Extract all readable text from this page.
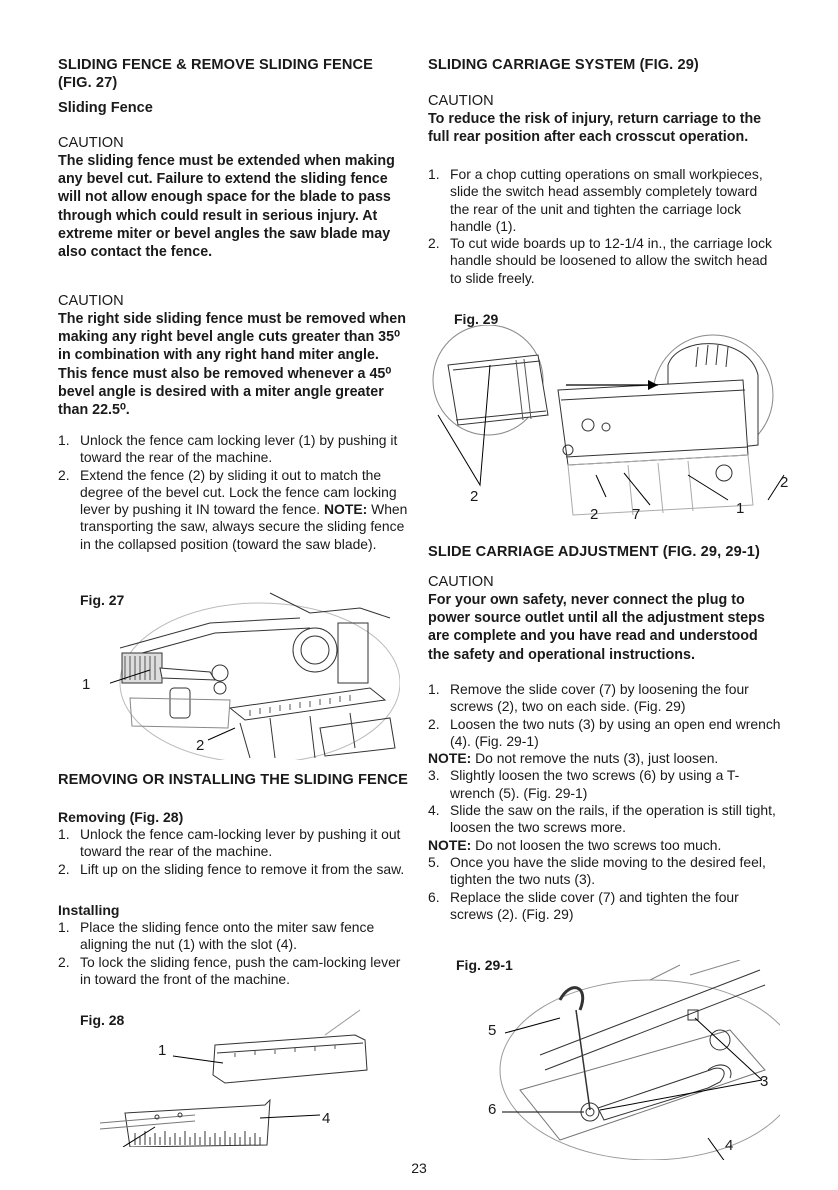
SLIDING FENCE & REMOVE SLIDING FENCE (FIG. 27)
Sliding Fence
CAUTION
The sliding fence must be extended when making any bevel cut. Failure to extend the sliding fence will not allow enough space for the blade to pass through which could result in serious injury. At extreme miter or bevel angles the saw blade may also contact the fence.
CAUTION
The right side sliding fence must be removed when making any right bevel angle cuts greater than 35⁰ in combination with any right hand miter angle. This fence must also be removed whenever a 45⁰ bevel angle is desired with a miter angle greater than 22.5⁰.
1. Unlock the fence cam locking lever (1) by pushing it toward the rear of the machine.
2. Extend the fence (2) by sliding it out to match the degree of the bevel cut. Lock the fence cam locking lever by pushing it IN toward the fence. NOTE: When transporting the saw, always secure the sliding fence in the collapsed position (toward the saw blade).
Fig. 27
REMOVING OR INSTALLING THE SLIDING FENCE
Removing (Fig. 28)
1. Unlock the fence cam-locking lever by pushing it out toward the rear of the machine.
2. Lift up on the sliding fence to remove it from the saw.
Installing
1. Place the sliding fence onto the miter saw fence aligning the nut (1) with the slot (4).
2. To lock the sliding fence, push the cam-locking lever in toward the front of the machine.
Fig. 28
1
2
1
4
SLIDING CARRIAGE SYSTEM (FIG. 29)
CAUTION
To reduce the risk of injury, return carriage to the full rear position after each crosscut operation.
1. For a chop cutting operations on small workpieces, slide the switch head assembly completely toward the rear of the unit and tighten the carriage lock handle (1).
2. To cut wide boards up to 12-1/4 in., the carriage lock handle should be loosened to allow the switch head to slide freely.
Fig. 29
SLIDE CARRIAGE ADJUSTMENT (FIG. 29, 29-1)
CAUTION
For your own safety, never connect the plug to power source outlet until all the adjustment steps are complete and you have read and understood the safety and operational instructions.
1. Remove the slide cover (7) by loosening the four screws (2), two on each side. (Fig. 29)
2. Loosen the two nuts (3) by using an open end wrench (4). (Fig. 29-1)
NOTE: Do not remove the nuts (3), just loosen.
3. Slightly loosen the two screws (6) by using a T-wrench (5). (Fig. 29-1)
4. Slide the saw on the rails, if the operation is still tight, loosen the two screws more.
NOTE: Do not loosen the two screws too much.
5. Once you have the slide moving to the desired feel, tighten the two nuts (3).
6. Replace the slide cover (7) and tighten the four screws (2). (Fig. 29)
Fig. 29-1
2
2 7
2
1
5
3
6
4
23
